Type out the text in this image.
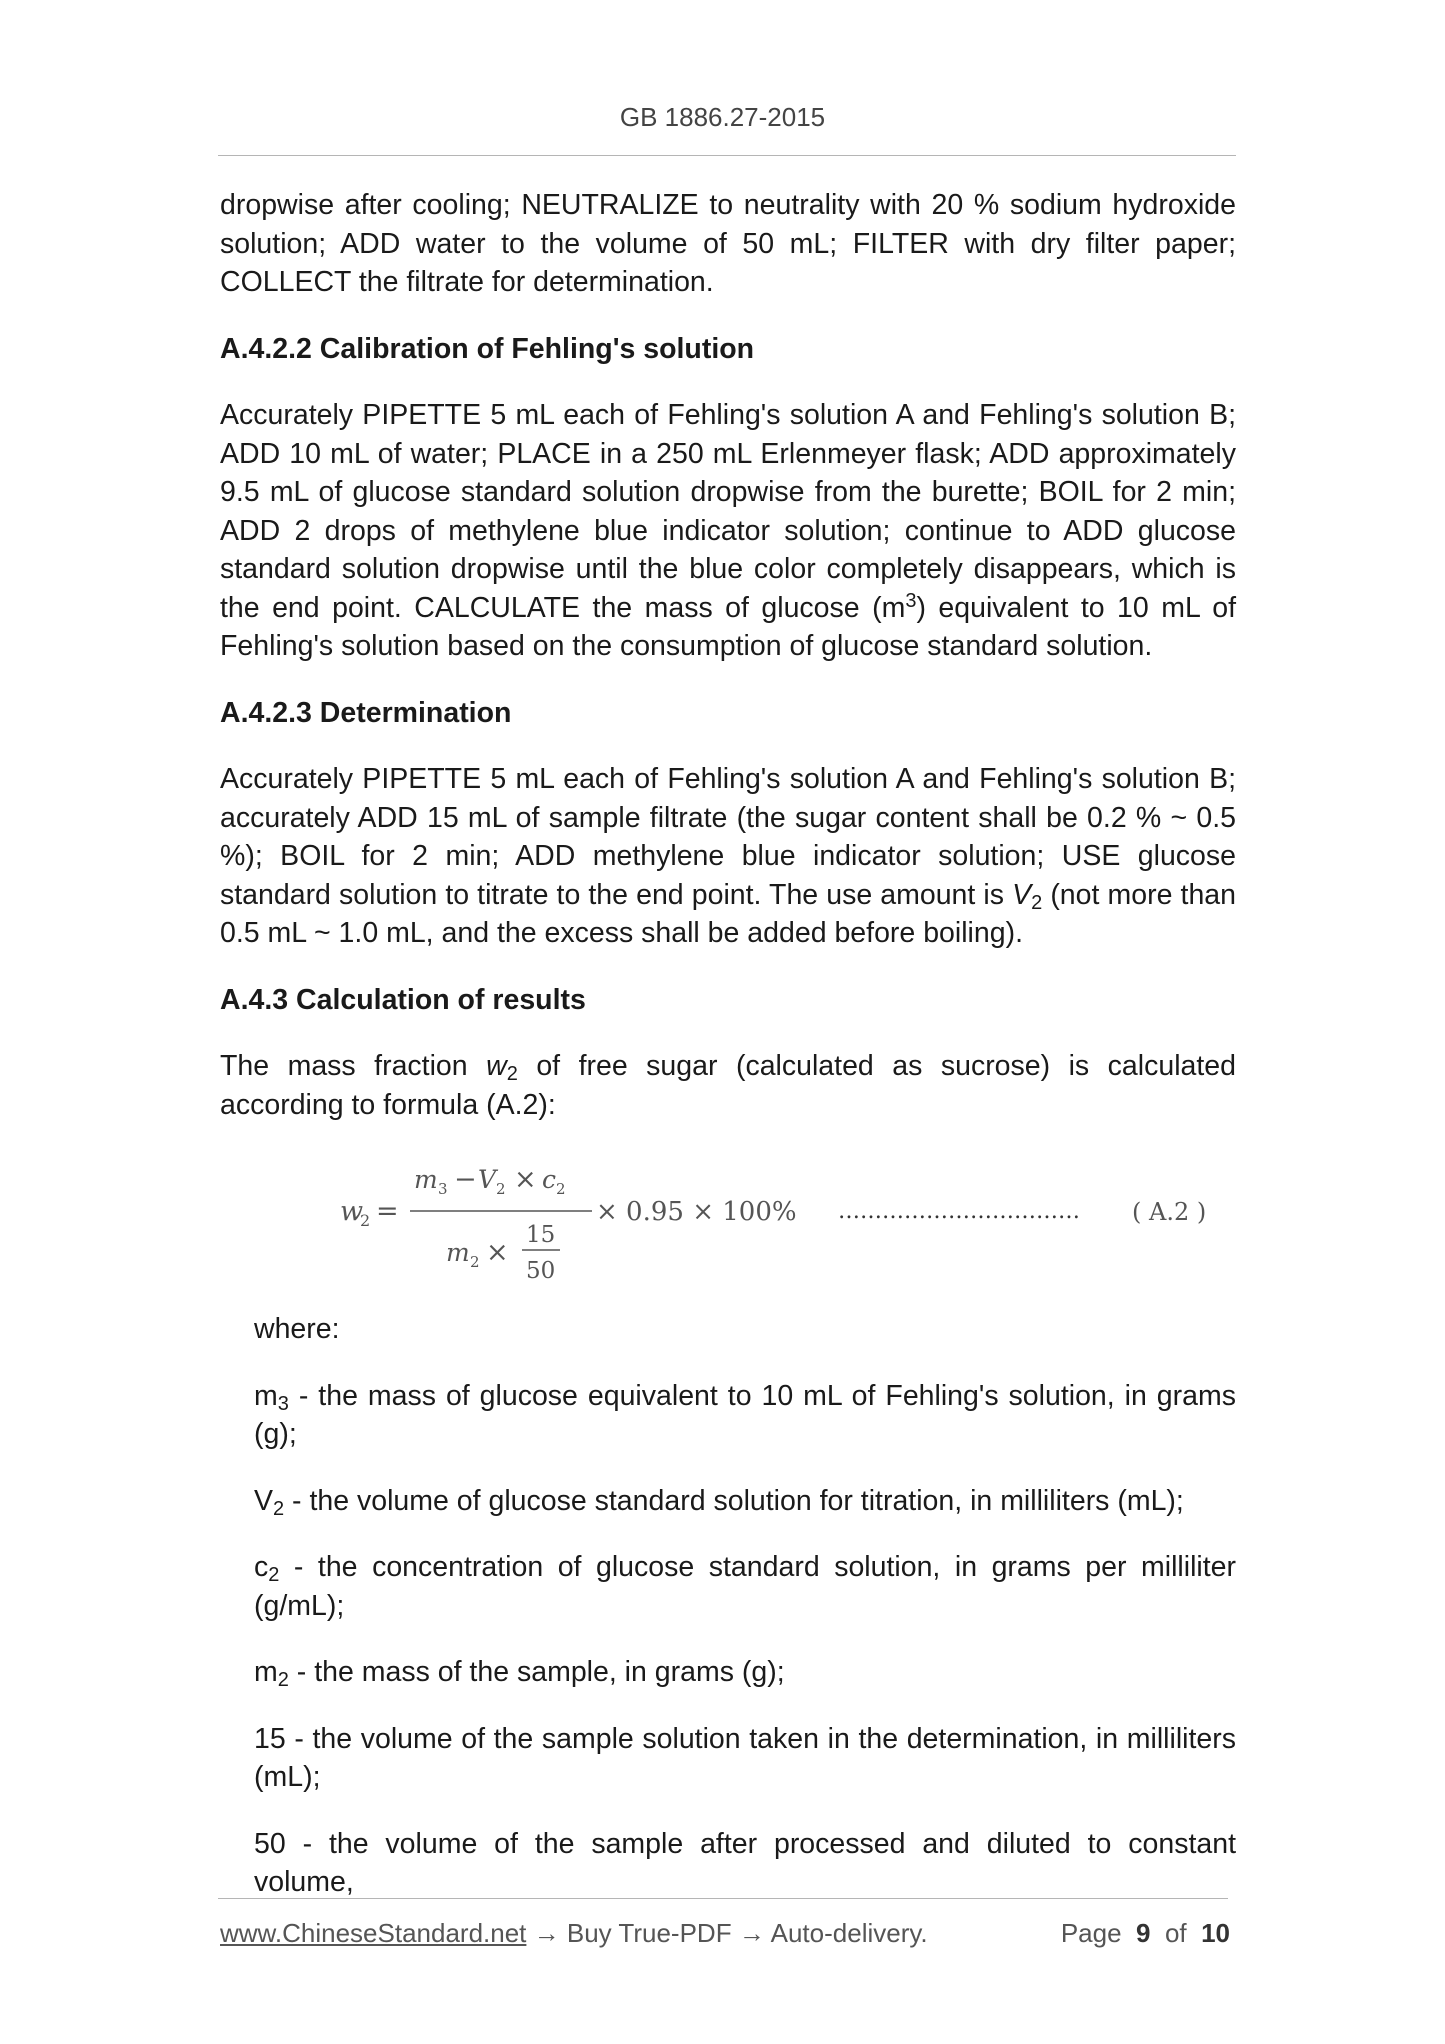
GB 1886.27-2015

dropwise after cooling; NEUTRALIZE to neutrality with 20 % sodium hydroxide solution; ADD water to the volume of 50 mL; FILTER with dry filter paper; COLLECT the filtrate for determination.

A.4.2.2 Calibration of Fehling's solution

Accurately PIPETTE 5 mL each of Fehling's solution A and Fehling's solution B; ADD 10 mL of water; PLACE in a 250 mL Erlenmeyer flask; ADD approximately 9.5 mL of glucose standard solution dropwise from the burette; BOIL for 2 min; ADD 2 drops of methylene blue indicator solution; continue to ADD glucose standard solution dropwise until the blue color completely disappears, which is the end point. CALCULATE the mass of glucose $(m^3)$ equivalent to 10 mL of Fehling's solution based on the consumption of glucose standard solution.

A.4.2.3 Determination

Accurately PIPETTE 5 mL each of Fehling's solution A and Fehling's solution B; accurately ADD 15 mL of sample filtrate (the sugar content shall be 0.2 % ~ 0.5 %); BOIL for 2 min; ADD methylene blue indicator solution; USE glucose standard solution to titrate to the end point. The use amount is $V_2$ (not more than 0.5 mL ~ 1.0 mL, and the excess shall be added before boiling).

A.4.3 Calculation of results

The mass fraction $w_2$ of free sugar (calculated as sucrose) is calculated according to formula (A.2):

w
2 =
m 3 − V 2 × c 2
m 2 ×
15
50
× 0.95 × 100% …………………………… ( A.2 )

where:

$m_3$ - the mass of glucose equivalent to 10 mL of Fehling's solution, in grams (g);

$V_2$ - the volume of glucose standard solution for titration, in milliliters (mL);

$c_2$ - the concentration of glucose standard solution, in grams per milliliter (g/mL);

$m_2$ - the mass of the sample, in grams (g);

15 - the volume of the sample solution taken in the determination, in milliliters (mL);

50 - the volume of the sample after processed and diluted to constant volume,

www.ChineseStandard.net → Buy True-PDF → Auto-delivery.	Page 9 of 10
